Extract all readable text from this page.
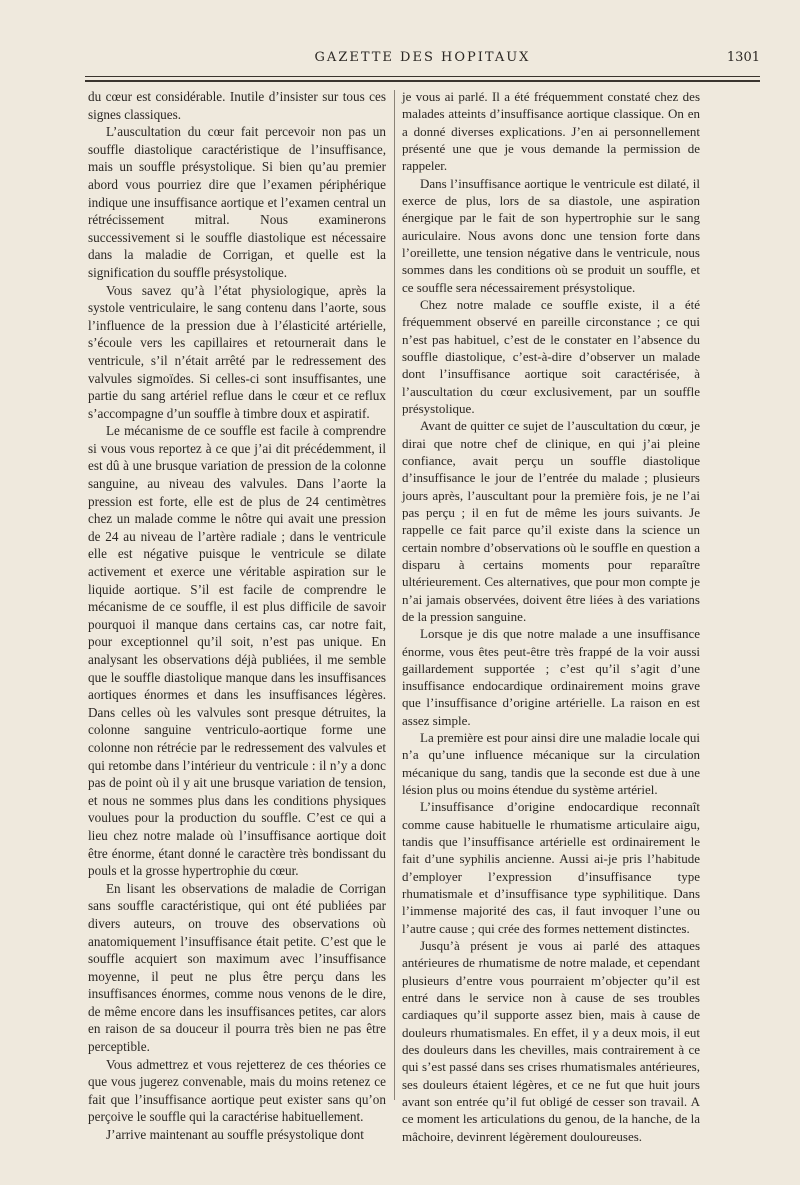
GAZETTE DES HOPITAUX	1301

du cœur est considérable. Inutile d’insister sur tous ces signes classiques.

L’auscultation du cœur fait percevoir non pas un souffle diastolique caractéristique de l’insuffisance, mais un souffle présystolique. Si bien qu’au premier abord vous pourriez dire que l’examen périphérique indique une insuffisance aortique et l’examen central un rétrécissement mitral. Nous examinerons successivement si le souffle diastolique est nécessaire dans la maladie de Corrigan, et quelle est la signification du souffle présystolique.

Vous savez qu’à l’état physiologique, après la systole ventriculaire, le sang contenu dans l’aorte, sous l’influence de la pression due à l’élasticité artérielle, s’écoule vers les capillaires et retournerait dans le ventricule, s’il n’était arrêté par le redressement des valvules sigmoïdes. Si celles-ci sont insuffisantes, une partie du sang artériel reflue dans le cœur et ce reflux s’accompagne d’un souffle à timbre doux et aspiratif.

Le mécanisme de ce souffle est facile à comprendre si vous vous reportez à ce que j’ai dit précédemment, il est dû à une brusque variation de pression de la colonne sanguine, au niveau des valvules. Dans l’aorte la pression est forte, elle est de plus de 24 centimètres chez un malade comme le nôtre qui avait une pression de 24 au niveau de l’artère radiale ; dans le ventricule elle est négative puisque le ventricule se dilate activement et exerce une véritable aspiration sur le liquide aortique. S’il est facile de comprendre le mécanisme de ce souffle, il est plus difficile de savoir pourquoi il manque dans certains cas, car notre fait, pour exceptionnel qu’il soit, n’est pas unique. En analysant les observations déjà publiées, il me semble que le souffle diastolique manque dans les insuffisances aortiques énormes et dans les insuffisances légères. Dans celles où les valvules sont presque détruites, la colonne sanguine ventriculo-aortique forme une colonne non rétrécie par le redressement des valvules et qui retombe dans l’intérieur du ventricule : il n’y a donc pas de point où il y ait une brusque variation de tension, et nous ne sommes plus dans les conditions physiques voulues pour la production du souffle. C’est ce qui a lieu chez notre malade où l’insuffisance aortique doit être énorme, étant donné le caractère très bondissant du pouls et la grosse hypertrophie du cœur.

En lisant les observations de maladie de Corrigan sans souffle caractéristique, qui ont été publiées par divers auteurs, on trouve des observations où anatomiquement l’insuffisance était petite. C’est que le souffle acquiert son maximum avec l’insuffisance moyenne, il peut ne plus être perçu dans les insuffisances énormes, comme nous venons de le dire, de même encore dans les insuffisances petites, car alors en raison de sa douceur il pourra très bien ne pas être perceptible.

Vous admettrez et vous rejetterez de ces théories ce que vous jugerez convenable, mais du moins retenez ce fait que l’insuffisance aortique peut exister sans qu’on perçoive le souffle qui la caractérise habituellement.

J’arrive maintenant au souffle présystolique dont

je vous ai parlé. Il a été fréquemment constaté chez des malades atteints d’insuffisance aortique classique. On en a donné diverses explications. J’en ai personnellement présenté une que je vous demande la permission de rappeler.

Dans l’insuffisance aortique le ventricule est dilaté, il exerce de plus, lors de sa diastole, une aspiration énergique par le fait de son hypertrophie sur le sang auriculaire. Nous avons donc une tension forte dans l’oreillette, une tension négative dans le ventricule, nous sommes dans les conditions où se produit un souffle, et ce souffle sera nécessairement présystolique.

Chez notre malade ce souffle existe, il a été fréquemment observé en pareille circonstance ; ce qui n’est pas habituel, c’est de le constater en l’absence du souffle diastolique, c’est-à-dire d’observer un malade dont l’insuffisance aortique soit caractérisée, à l’auscultation du cœur exclusivement, par un souffle présystolique.

Avant de quitter ce sujet de l’auscultation du cœur, je dirai que notre chef de clinique, en qui j’ai pleine confiance, avait perçu un souffle diastolique d’insuffisance le jour de l’entrée du malade ; plusieurs jours après, l’auscultant pour la première fois, je ne l’ai pas perçu ; il en fut de même les jours suivants. Je rappelle ce fait parce qu’il existe dans la science un certain nombre d’observations où le souffle en question a disparu à certains moments pour reparaître ultérieurement. Ces alternatives, que pour mon compte je n’ai jamais observées, doivent être liées à des variations de la pression sanguine.

Lorsque je dis que notre malade a une insuffisance énorme, vous êtes peut-être très frappé de la voir aussi gaillardement supportée ; c’est qu’il s’agit d’une insuffisance endocardique ordinairement moins grave que l’insuffisance d’origine artérielle. La raison en est assez simple.

La première est pour ainsi dire une maladie locale qui n’a qu’une influence mécanique sur la circulation mécanique du sang, tandis que la seconde est due à une lésion plus ou moins étendue du système artériel.

L’insuffisance d’origine endocardique reconnaît comme cause habituelle le rhumatisme articulaire aigu, tandis que l’insuffisance artérielle est ordinairement le fait d’une syphilis ancienne. Aussi ai-je pris l’habitude d’employer l’expression d’insuffisance type rhumatismale et d’insuffisance type syphilitique. Dans l’immense majorité des cas, il faut invoquer l’une ou l’autre cause ; qui crée des formes nettement distinctes.

Jusqu’à présent je vous ai parlé des attaques antérieures de rhumatisme de notre malade, et cependant plusieurs d’entre vous pourraient m’objecter qu’il est entré dans le service non à cause de ses troubles cardiaques qu’il supporte assez bien, mais à cause de douleurs rhumatismales. En effet, il y a deux mois, il eut des douleurs dans les chevilles, mais contrairement à ce qui s’est passé dans ses crises rhumatismales antérieures, ses douleurs étaient légères, et ce ne fut que huit jours avant son entrée qu’il fut obligé de cesser son travail. A ce moment les articulations du genou, de la hanche, de la mâchoire, devinrent légèrement douloureuses.
